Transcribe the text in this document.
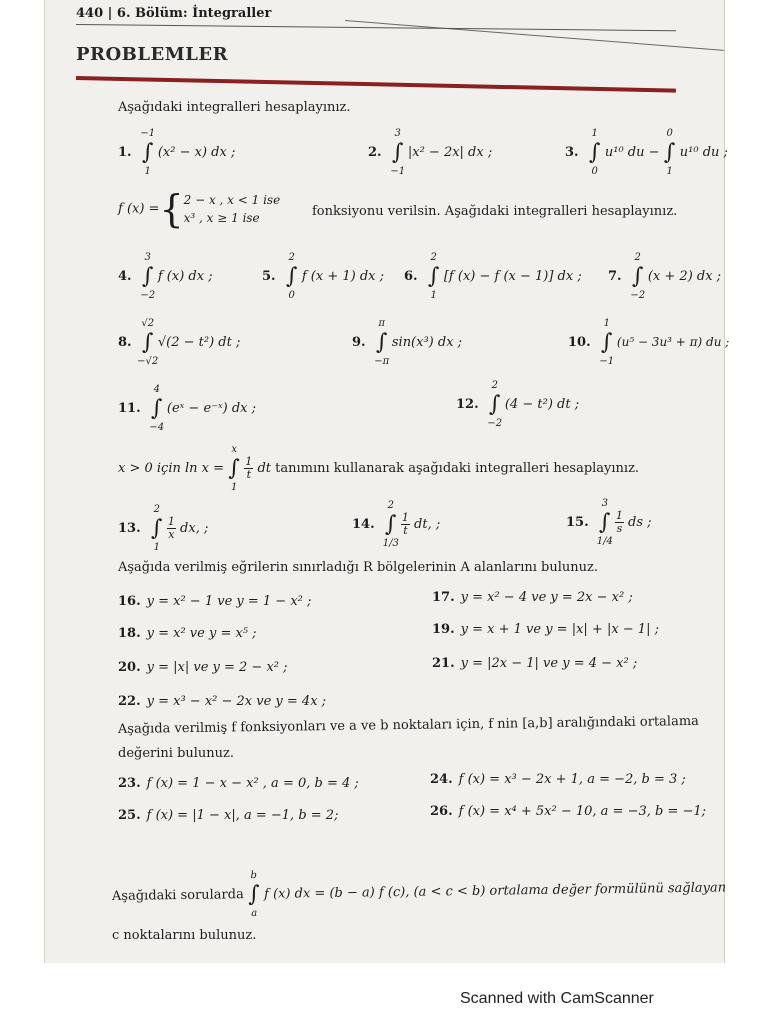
440 | 6. Bölüm: İntegraller
PROBLEMLER
Aşağıdaki integralleri hesaplayınız.
1. ∫
−1
1
(x² − x) dx ;	2. ∫
3
−1
|x² − 2x| dx ;	3. ∫
1
0
u¹⁰ du − ∫
0
1
u¹⁰ du ;
f (x) ={ 2 − x , x < 1 ise
x³ , x ≥ 1 ise	fonksiyonu verilsin. Aşağıdaki integralleri hesaplayınız.
4. ∫
3
−2
f (x) dx ;	5. ∫
2
0
f (x + 1) dx ; 6. ∫
2
1
[f (x) − f (x − 1)] dx ; 7. ∫
2
−2
(x + 2) dx ;
8. ∫
√2
−√2
√(2 − t²) dt ;	9. ∫
π
−π
sin(x³) dx ;	10. ∫
1
−1
(u⁵ − 3u³ + π) du ;
11. ∫
4
−4
(eˣ − e⁻ˣ) dx ;	12. ∫
2
−2
(4 − t²) dt ;
x > 0 için ln x = ∫
x
1

$\frac{1}{t}$ dt tanımını kullanarak aşağıdaki integralleri hesaplayınız.
13. ∫
2
1

$\frac{1}{x}$ dx, ;	14. ∫
2
1/3

$\frac{1}{t}$ dt, ;	15. ∫
3
1/4

$\frac{1}{s}$ ds ;
Aşağıda verilmiş eğrilerin sınırladığı R bölgelerinin A alanlarını bulunuz.
16. y = x² − 1 ve y = 1 − x² ;	17. y = x² − 4 ve y = 2x − x² ;
18. y = x² ve y = x⁵ ;	19. y = x + 1 ve y = |x| + |x − 1| ;
20. y = |x| ve y = 2 − x² ;	21. y = |2x − 1| ve y = 4 − x² ;
22. y = x³ − x² − 2x ve y = 4x ;
Aşağıda verilmiş f fonksiyonları ve a ve b noktaları için, f nin [a,b] aralığındaki ortalama
değerini bulunuz.
23. f (x) = 1 − x − x² , a = 0, b = 4 ;	24. f (x) = x³ − 2x + 1, a = −2, b = 3 ;
25. f (x) = |1 − x|, a = −1, b = 2;	26. f (x) = x⁴ + 5x² − 10, a = −3, b = −1;
Aşağıdaki sorularda ∫
b
a
f (x) dx = (b − a) f (c), (a < c < b) ortalama değer formülünü sağlayan
c noktalarını bulunuz.
Scanned with CamScanner
